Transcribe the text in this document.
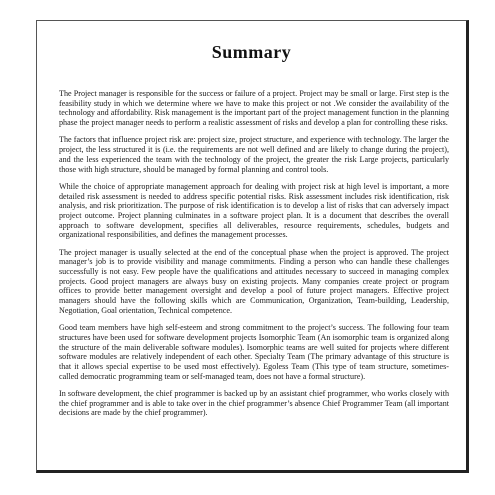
Summary

The Project manager is responsible for the success or failure of a project. Project may be small or large. First step is the feasibility study in which we determine where we have to make this project or not .We consider the availability of the technology and affordability. Risk management is the important part of the project management function in the planning phase the project manager needs to perform a realistic assessment of risks and develop a plan for controlling these risks.

The factors that influence project risk are: project size, project structure, and experience with technology. The larger the project, the less structured it is (i.e. the requirements are not well defined and are likely to change during the project), and the less experienced the team with the technology of the project, the greater the risk Large projects, particularly those with high structure, should be managed by formal planning and control tools.

While the choice of appropriate management approach for dealing with project risk at high level is important, a more detailed risk assessment is needed to address specific potential risks. Risk assessment includes risk identification, risk analysis, and risk prioritization. The purpose of risk identification is to develop a list of risks that can adversely impact project outcome. Project planning culminates in a software project plan. It is a document that describes the overall approach to software development, specifies all deliverables, resource requirements, schedules, budgets and organizational responsibilities, and defines the management processes.

The project manager is usually selected at the end of the conceptual phase when the project is approved. The project manager’s job is to provide visibility and manage commitments. Finding a person who can handle these challenges successfully is not easy. Few people have the qualifications and attitudes necessary to succeed in managing complex projects. Good project managers are always busy on existing projects. Many companies create project or program offices to provide better management oversight and develop a pool of future project managers. Effective project managers should have the following skills which are Communication, Organization, Team-building, Leadership, Negotiation, Goal orientation, Technical competence.

Good team members have high self-esteem and strong commitment to the project’s success. The following four team structures have been used for software development projects Isomorphic Team (An isomorphic team is organized along the structure of the main deliverable software modules). Isomorphic teams are well suited for projects where different software modules are relatively independent of each other. Specialty Team (The primary advantage of this structure is that it allows special expertise to be used most effectively). Egoless Team (This type of team structure, sometimes-called democratic programming team or self-managed team, does not have a formal structure).

In software development, the chief programmer is backed up by an assistant chief programmer, who works closely with the chief programmer and is able to take over in the chief programmer’s absence Chief Programmer Team (all important decisions are made by the chief programmer).
